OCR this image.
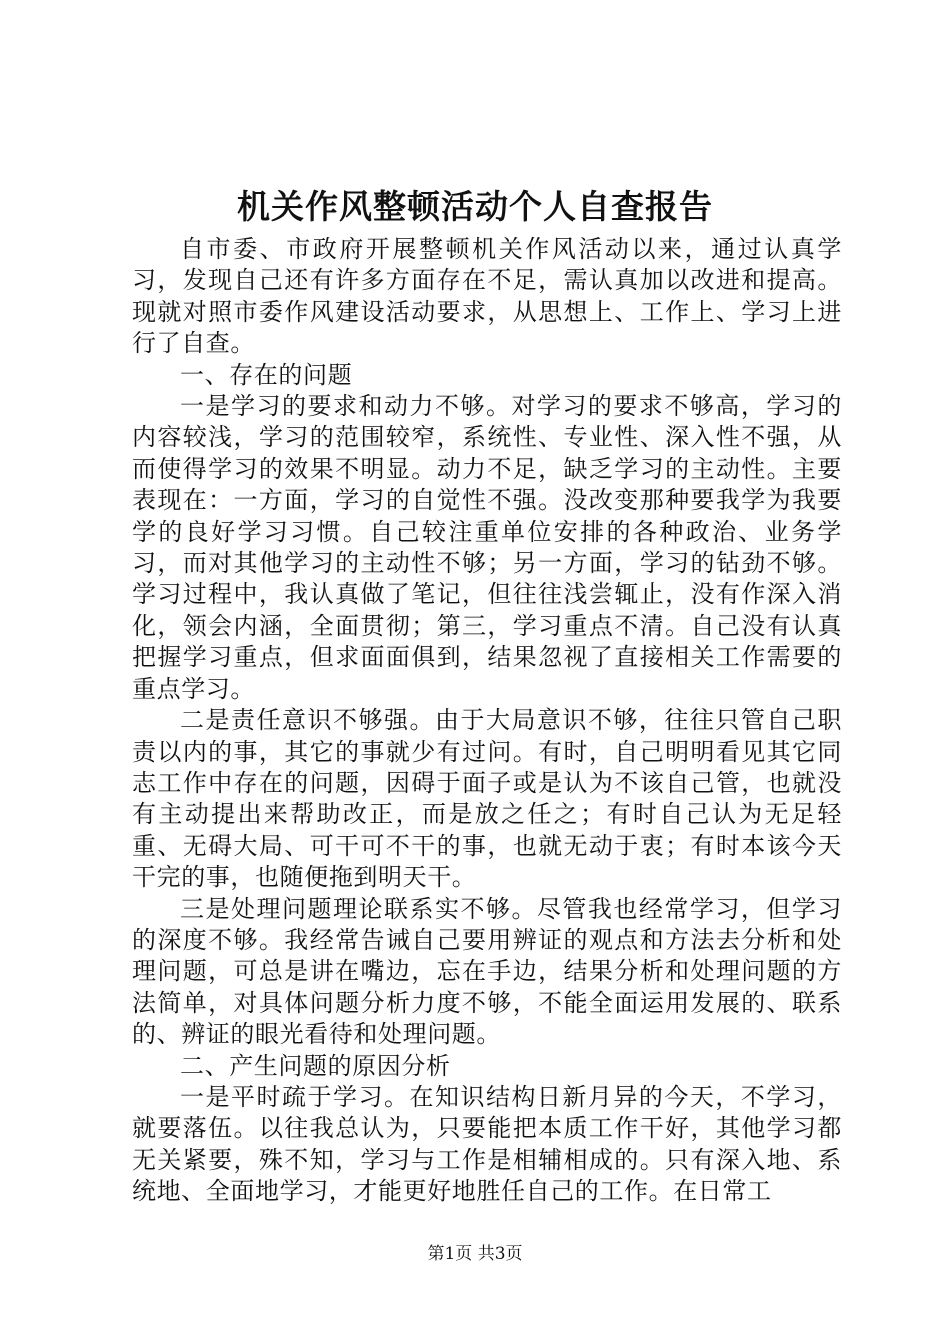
机关作风整顿活动个人自查报告

自市委、市政府开展整顿机关作风活动以来，通过认真学习，发现自己还有许多方面存在不足，需认真加以改进和提高。现就对照市委作风建设活动要求，从思想上、工作上、学习上进行了自查。

一、存在的问题

一是学习的要求和动力不够。对学习的要求不够高，学习的内容较浅，学习的范围较窄，系统性、专业性、深入性不强，从而使得学习的效果不明显。动力不足，缺乏学习的主动性。主要表现在：一方面，学习的自觉性不强。没改变那种要我学为我要学的良好学习习惯。自己较注重单位安排的各种政治、业务学习，而对其他学习的主动性不够；另一方面，学习的钻劲不够。学习过程中，我认真做了笔记，但往往浅尝辄止，没有作深入消化，领会内涵，全面贯彻；第三，学习重点不清。自己没有认真把握学习重点，但求面面俱到，结果忽视了直接相关工作需要的重点学习。

二是责任意识不够强。由于大局意识不够，往往只管自己职责以内的事，其它的事就少有过问。有时，自己明明看见其它同志工作中存在的问题，因碍于面子或是认为不该自己管，也就没有主动提出来帮助改正，而是放之任之；有时自己认为无足轻重、无碍大局、可干可不干的事，也就无动于衷；有时本该今天干完的事，也随便拖到明天干。

三是处理问题理论联系实不够。尽管我也经常学习，但学习的深度不够。我经常告诫自己要用辨证的观点和方法去分析和处理问题，可总是讲在嘴边，忘在手边，结果分析和处理问题的方法简单，对具体问题分析力度不够，不能全面运用发展的、联系的、辨证的眼光看待和处理问题。

二、产生问题的原因分析

一是平时疏于学习。在知识结构日新月异的今天，不学习，就要落伍。以往我总认为，只要能把本质工作干好，其他学习都无关紧要，殊不知，学习与工作是相辅相成的。只有深入地、系统地、全面地学习，才能更好地胜任自己的工作。在日常工

第1页 共3页
